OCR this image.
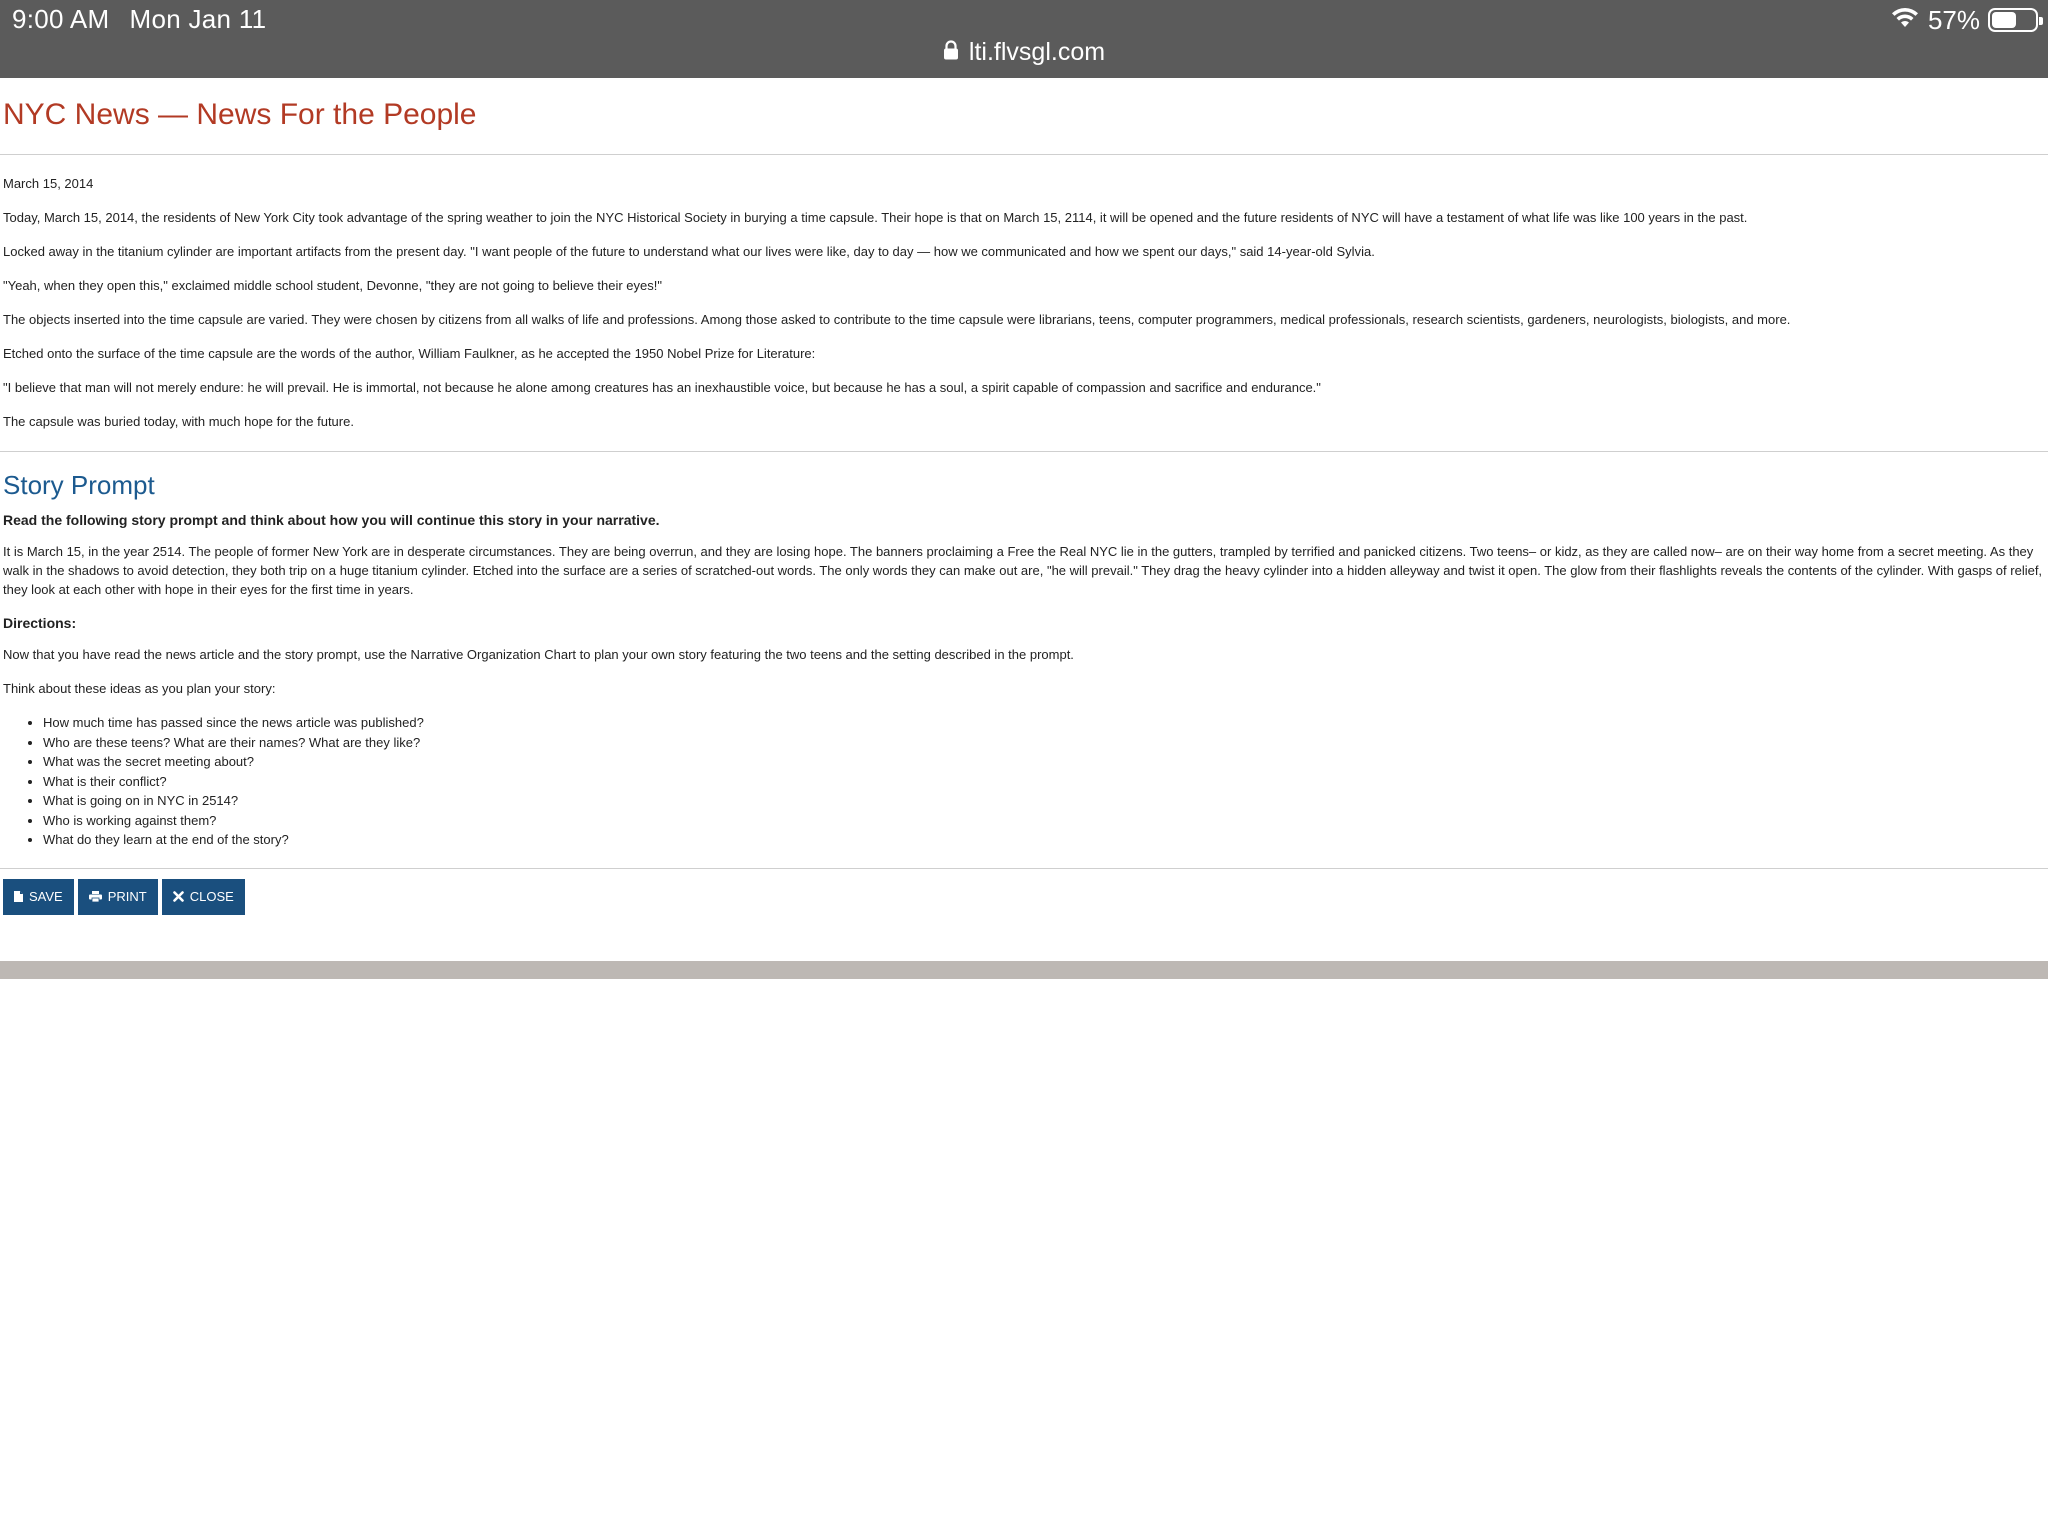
9:00 AM Mon Jan 11	57%
lti.flvsgl.com
NYC News — News For the People

March 15, 2014

Today, March 15, 2014, the residents of New York City took advantage of the spring weather to join the NYC Historical Society in burying a time capsule. Their hope is that on March 15, 2114, it will be opened and the future residents of NYC will have a testament of what life was like 100 years in the past.

Locked away in the titanium cylinder are important artifacts from the present day. "I want people of the future to understand what our lives were like, day to day — how we communicated and how we spent our days," said 14-year-old Sylvia.

"Yeah, when they open this," exclaimed middle school student, Devonne, "they are not going to believe their eyes!"

The objects inserted into the time capsule are varied. They were chosen by citizens from all walks of life and professions. Among those asked to contribute to the time capsule were librarians, teens, computer programmers, medical professionals, research scientists, gardeners, neurologists, biologists, and more.

Etched onto the surface of the time capsule are the words of the author, William Faulkner, as he accepted the 1950 Nobel Prize for Literature:

"I believe that man will not merely endure: he will prevail. He is immortal, not because he alone among creatures has an inexhaustible voice, but because he has a soul, a spirit capable of compassion and sacrifice and endurance."

The capsule was buried today, with much hope for the future.

Story Prompt

Read the following story prompt and think about how you will continue this story in your narrative.

It is March 15, in the year 2514. The people of former New York are in desperate circumstances. They are being overrun, and they are losing hope. The banners proclaiming a Free the Real NYC lie in the gutters, trampled by terrified and panicked citizens. Two teens– or kidz, as they are called now– are on their way home from a secret meeting. As they walk in the shadows to avoid detection, they both trip on a huge titanium cylinder. Etched into the surface are a series of scratched-out words. The only words they can make out are, "he will prevail." They drag the heavy cylinder into a hidden alleyway and twist it open. The glow from their flashlights reveals the contents of the cylinder. With gasps of relief, they look at each other with hope in their eyes for the first time in years.

Directions:

Now that you have read the news article and the story prompt, use the Narrative Organization Chart to plan your own story featuring the two teens and the setting described in the prompt.

Think about these ideas as you plan your story:

• How much time has passed since the news article was published?
• Who are these teens? What are their names? What are they like?
• What was the secret meeting about?
• What is their conflict?
• What is going on in NYC in 2514?
• Who is working against them?
• What do they learn at the end of the story?
SAVE	PRINT	CLOSE
